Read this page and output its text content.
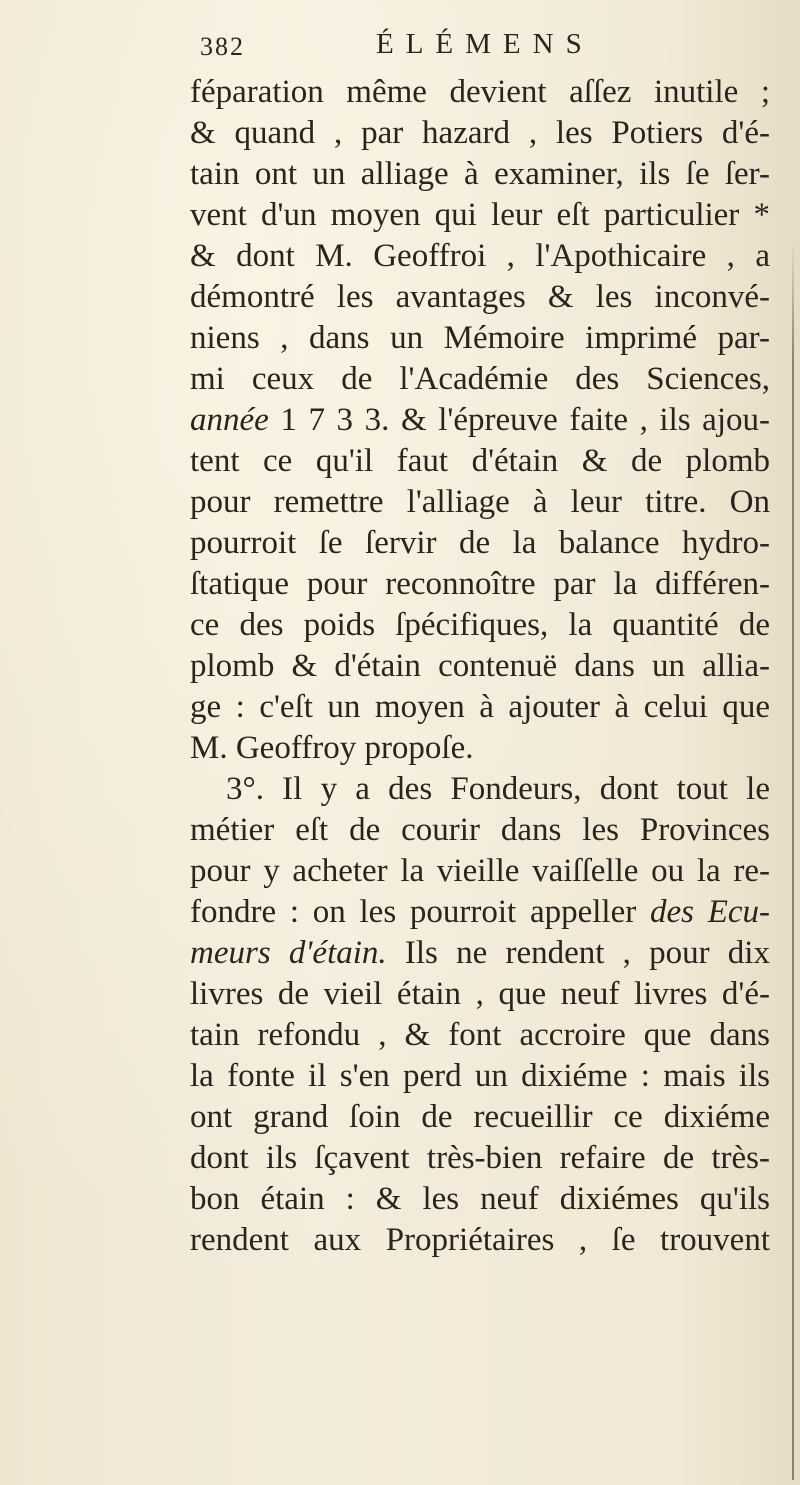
382	ÉLÉMENS
féparation même devient aſſez inutile ;
& quand , par hazard , les Potiers d'é-
tain ont un alliage à examiner, ils ſe ſer-
vent d'un moyen qui leur eſt particulier *
& dont M. Geoffroi , l'Apothicaire , a
démontré les avantages & les inconvé-
niens , dans un Mémoire imprimé par-
mi ceux de l'Académie des Sciences,
année 1 7 3 3. & l'épreuve faite , ils ajou-
tent ce qu'il faut d'étain & de plomb
pour remettre l'alliage à leur titre. On
pourroit ſe ſervir de la balance hydro-
ſtatique pour reconnoître par la différen-
ce des poids ſpécifiques, la quantité de
plomb & d'étain contenuë dans un allia-
ge : c'eſt un moyen à ajouter à celui que
M. Geoffroy propoſe.
3°. Il y a des Fondeurs, dont tout le
métier eſt de courir dans les Provinces
pour y acheter la vieille vaiſſelle ou la re-
fondre : on les pourroit appeller des Ecu-
meurs d'étain. Ils ne rendent , pour dix
livres de vieil étain , que neuf livres d'é-
tain refondu , & font accroire que dans
la fonte il s'en perd un dixiéme : mais ils
ont grand ſoin de recueillir ce dixiéme
dont ils ſçavent très-bien refaire de très-
bon étain : & les neuf dixiémes qu'ils
rendent aux Propriétaires , ſe trouvent
